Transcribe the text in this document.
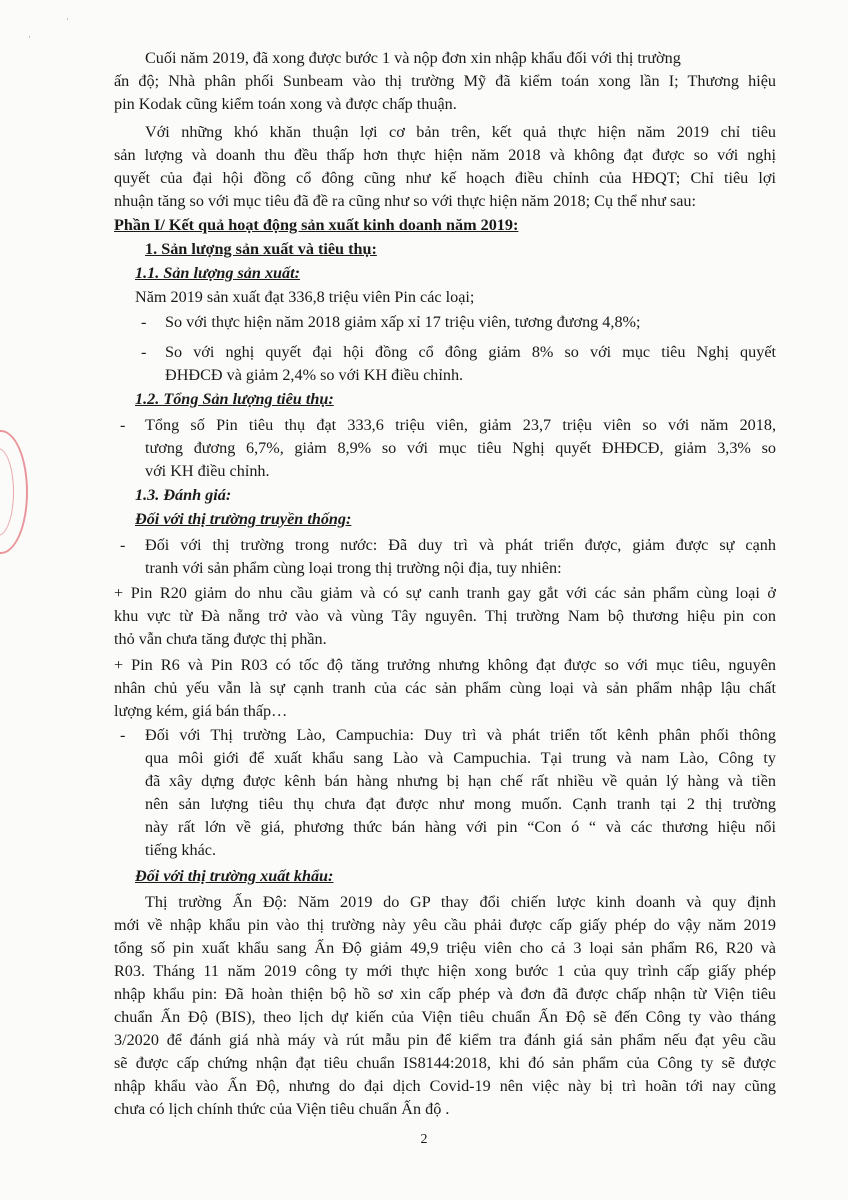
·
·

Cuối năm 2019, đã xong được bước 1 và nộp đơn xin nhập khẩu đối với thị trường

ấn độ; Nhà phân phối Sunbeam vào thị trường Mỹ đã kiểm toán xong lần I; Thương hiệu

pin Kodak cũng kiểm toán xong và được chấp thuận.

Với những khó khăn thuận lợi cơ bản trên, kết quả thực hiện năm 2019 chỉ tiêu

sản lượng và doanh thu đều thấp hơn thực hiện năm 2018 và không đạt được so với nghị

quyết của đại hội đồng cổ đông cũng như kế hoạch điều chỉnh của HĐQT; Chỉ tiêu lợi

nhuận tăng so với mục tiêu đã đề ra cũng như so với thực hiện năm 2018; Cụ thể như sau:

Phần I/ Kết quả hoạt động sản xuất kinh doanh năm 2019:

1. Sản lượng sản xuất và tiêu thụ:

1.1. Sản lượng sản xuất:

Năm 2019 sản xuất đạt 336,8 triệu viên Pin các loại;

- So với thực hiện năm 2018 giảm xấp xỉ 17 triệu viên, tương đương 4,8%;

- So với nghị quyết đại hội đồng cổ đông giảm 8% so với mục tiêu Nghị quyết

ĐHĐCĐ và giảm 2,4% so với KH điều chỉnh.

1.2. Tổng Sản lượng tiêu thụ:

- Tổng số Pin tiêu thụ đạt 333,6 triệu viên, giảm 23,7 triệu viên so với năm 2018,

tương đương 6,7%, giảm 8,9% so với mục tiêu Nghị quyết ĐHĐCĐ, giảm 3,3% so

với KH điều chỉnh.

1.3. Đánh giá:

Đối với thị trường truyền thống:

- Đối với thị trường trong nước: Đã duy trì và phát triển được, giảm được sự cạnh

tranh với sản phẩm cùng loại trong thị trường nội địa, tuy nhiên:

+ Pin R20 giảm do nhu cầu giảm và có sự canh tranh gay gắt với các sản phẩm cùng loại ở

khu vực từ Đà nẵng trở vào và vùng Tây nguyên. Thị trường Nam bộ thương hiệu pin con

thỏ vẫn chưa tăng được thị phần.

+ Pin R6 và Pin R03 có tốc độ tăng trưởng nhưng không đạt được so với mục tiêu, nguyên

nhân chủ yếu vẫn là sự cạnh tranh của các sản phẩm cùng loại và sản phẩm nhập lậu chất

lượng kém, giá bán thấp…

- Đối với Thị trường Lào, Campuchia: Duy trì và phát triển tốt kênh phân phối thông

qua môi giới để xuất khẩu sang Lào và Campuchia. Tại trung và nam Lào, Công ty

đã xây dựng được kênh bán hàng nhưng bị hạn chế rất nhiều về quản lý hàng và tiền

nên sản lượng tiêu thụ chưa đạt được như mong muốn. Cạnh tranh tại 2 thị trường

này rất lớn về giá, phương thức bán hàng với pin “Con ó “ và các thương hiệu nổi

tiếng khác.

Đối với thị trường xuất khẩu:

Thị trường Ấn Độ: Năm 2019 do GP thay đổi chiến lược kinh doanh và quy định

mới về nhập khẩu pin vào thị trường này yêu cầu phải được cấp giấy phép do vậy năm 2019

tổng số pin xuất khẩu sang Ấn Độ giảm 49,9 triệu viên cho cả 3 loại sản phẩm R6, R20 và

R03. Tháng 11 năm 2019 công ty mới thực hiện xong bước 1 của quy trình cấp giấy phép

nhập khẩu pin: Đã hoàn thiện bộ hồ sơ xin cấp phép và đơn đã được chấp nhận từ Viện tiêu

chuẩn Ấn Độ (BIS), theo lịch dự kiến của Viện tiêu chuẩn Ấn Độ sẽ đến Công ty vào tháng

3/2020 để đánh giá nhà máy và rút mẫu pin để kiểm tra đánh giá sản phẩm nếu đạt yêu cầu

sẽ được cấp chứng nhận đạt tiêu chuẩn IS8144:2018, khi đó sản phẩm của Công ty sẽ được

nhập khẩu vào Ấn Độ, nhưng do đại dịch Covid-19 nên việc này bị trì hoãn tới nay cũng

chưa có lịch chính thức của Viện tiêu chuẩn Ấn độ .

2
